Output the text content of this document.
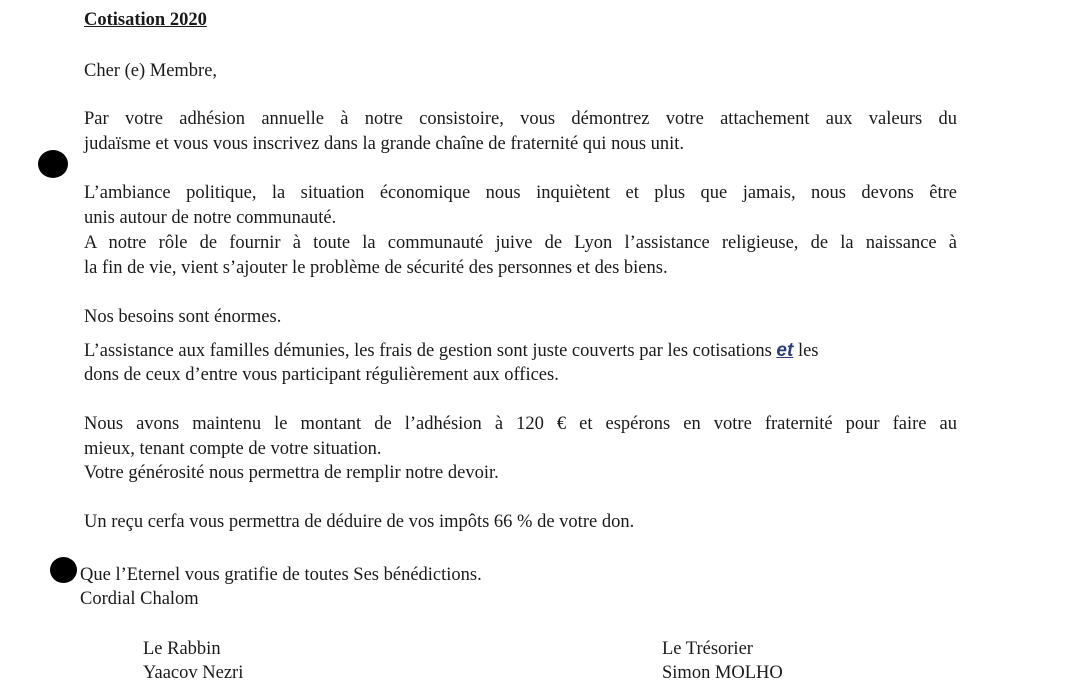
Cotisation 2020
Cher (e) Membre,
Par votre adhésion annuelle à notre consistoire, vous démontrez votre attachement aux valeurs du
judaïsme et vous vous inscrivez dans la grande chaîne de fraternité qui nous unit.
L’ambiance politique, la situation économique nous inquiètent et plus que jamais, nous devons être
unis autour de notre communauté.
A notre rôle de fournir à toute la communauté juive de Lyon l’assistance religieuse, de la naissance à
la fin de vie, vient s’ajouter le problème de sécurité des personnes et des biens.
Nos besoins sont énormes.
L’assistance aux familles démunies, les frais de gestion sont juste couverts par les cotisations et les
dons de ceux d’entre vous participant régulièrement aux offices.
Nous avons maintenu le montant de l’adhésion à 120 € et espérons en votre fraternité pour faire au
mieux, tenant compte de votre situation.
Votre générosité nous permettra de remplir notre devoir.
Un reçu cerfa vous permettra de déduire de vos impôts 66 % de votre don.
Que l’Eternel vous gratifie de toutes Ses bénédictions.
Cordial Chalom
Le Rabbin
Yaacov Nezri
Le Trésorier
Simon MOLHO
